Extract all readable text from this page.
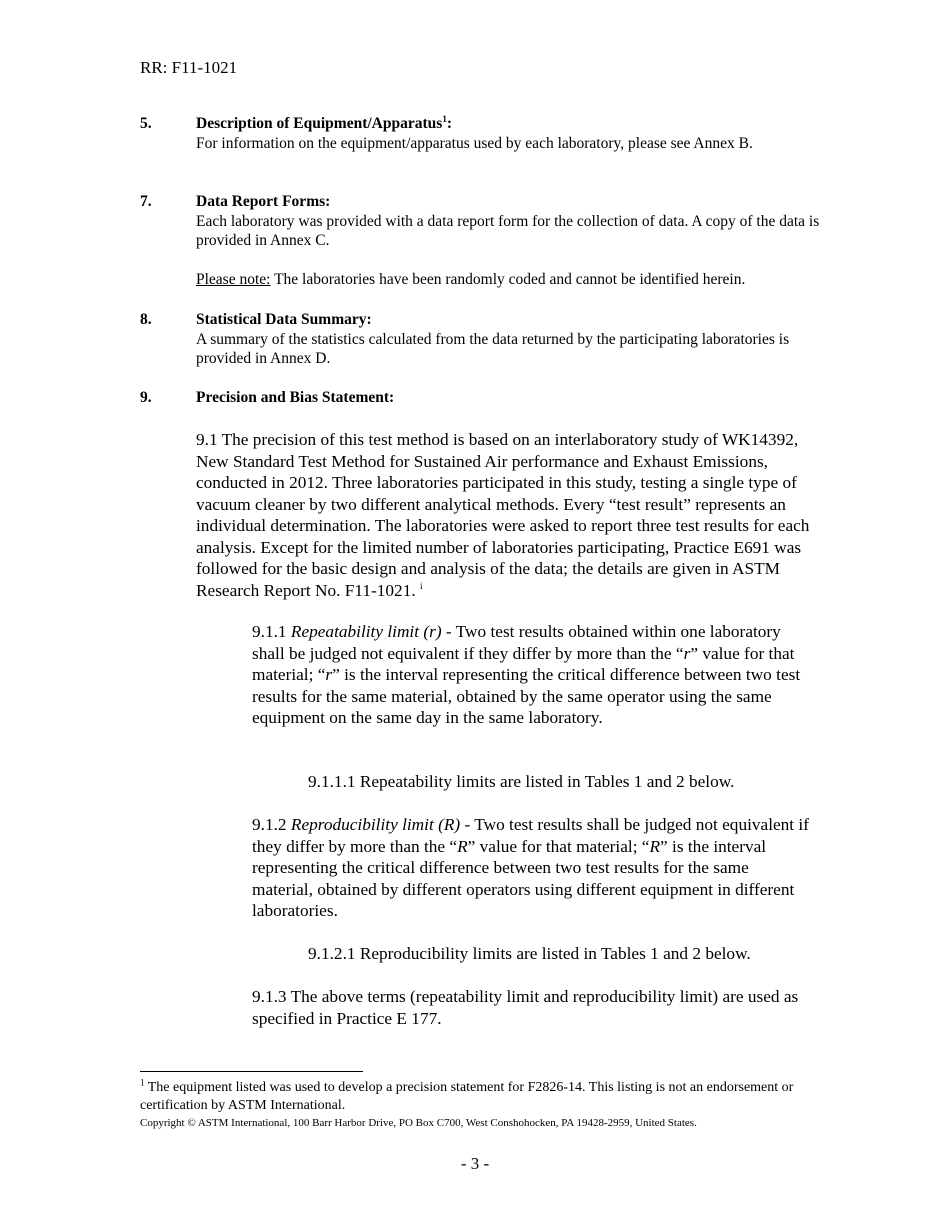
RR: F11-1021
5.	Description of Equipment/Apparatus$^1$:
For information on the equipment/apparatus used by each laboratory, please see Annex B.
7.	Data Report Forms:
Each laboratory was provided with a data report form for the collection of data. A copy of the data is provided in Annex C.
Please note: The laboratories have been randomly coded and cannot be identified herein.
8.	Statistical Data Summary:
A summary of the statistics calculated from the data returned by the participating laboratories is provided in Annex D.
9.	Precision and Bias Statement:
9.1 The precision of this test method is based on an interlaboratory study of WK14392, New Standard Test Method for Sustained Air performance and Exhaust Emissions, conducted in 2012. Three laboratories participated in this study, testing a single type of vacuum cleaner by two different analytical methods. Every “test result” represents an individual determination. The laboratories were asked to report three test results for each analysis. Except for the limited number of laboratories participating, Practice E691 was followed for the basic design and analysis of the data; the details are given in ASTM Research Report No. F11-1021. $^i$
9.1.1 Repeatability limit (r) - Two test results obtained within one laboratory shall be judged not equivalent if they differ by more than the “r” value for that material; “r” is the interval representing the critical difference between two test results for the same material, obtained by the same operator using the same equipment on the same day in the same laboratory.
9.1.1.1 Repeatability limits are listed in Tables 1 and 2 below.
9.1.2 Reproducibility limit (R) - Two test results shall be judged not equivalent if they differ by more than the “R” value for that material; “R” is the interval representing the critical difference between two test results for the same material, obtained by different operators using different equipment in different laboratories.
9.1.2.1 Reproducibility limits are listed in Tables 1 and 2 below.
9.1.3 The above terms (repeatability limit and reproducibility limit) are used as specified in Practice E 177.
$^1$ The equipment listed was used to develop a precision statement for F2826-14. This listing is not an endorsement or certification by ASTM International.
Copyright © ASTM International, 100 Barr Harbor Drive, PO Box C700, West Conshohocken, PA 19428-2959, United States.
- 3 -
